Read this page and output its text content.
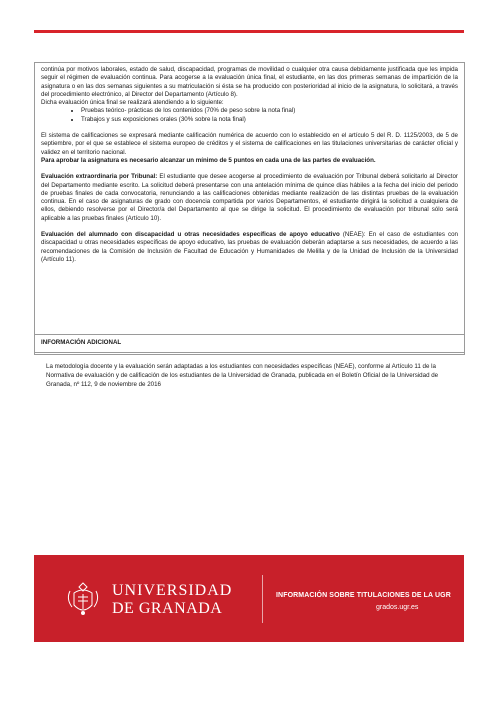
continúa por motivos laborales, estado de salud, discapacidad, programas de movilidad o cualquier otra causa debidamente justificada que les impida seguir el régimen de evaluación continua. Para acogerse a la evaluación única final, el estudiante, en las dos primeras semanas de impartición de la asignatura o en las dos semanas siguientes a su matriculación si ésta se ha producido con posterioridad al inicio de la asignatura, lo solicitará, a través del procedimiento electrónico, al Director del Departamento (Artículo 8).

Dicha evaluación única final se realizará atendiendo a lo siguiente:

• Pruebas teórico- prácticas de los contenidos (70% de peso sobre la nota final)
• Trabajos y sus exposiciones orales (30% sobre la nota final)

El sistema de calificaciones se expresará mediante calificación numérica de acuerdo con lo establecido en el artículo 5 del R. D. 1125/2003, de 5 de septiembre, por el que se establece el sistema europeo de créditos y el sistema de calificaciones en las titulaciones universitarias de carácter oficial y validez en el territorio nacional.

Para aprobar la asignatura es necesario alcanzar un mínimo de 5 puntos en cada una de las partes de evaluación.

Evaluación extraordinaria por Tribunal: El estudiante que desee acogerse al procedimiento de evaluación por Tribunal deberá solicitarlo al Director del Departamento mediante escrito. La solicitud deberá presentarse con una antelación mínima de quince días hábiles a la fecha del inicio del periodo de pruebas finales de cada convocatoria, renunciando a las calificaciones obtenidas mediante realización de las distintas pruebas de la evaluación continua. En el caso de asignaturas de grado con docencia compartida por varios Departamentos, el estudiante dirigirá la solicitud a cualquiera de ellos, debiendo resolverse por el Director/a del Departamento al que se dirige la solicitud. El procedimiento de evaluación por tribunal sólo será aplicable a las pruebas finales (Artículo 10).

Evaluación del alumnado con discapacidad u otras necesidades específicas de apoyo educativo (NEAE): En el caso de estudiantes con discapacidad u otras necesidades específicas de apoyo educativo, las pruebas de evaluación deberán adaptarse a sus necesidades, de acuerdo a las recomendaciones de la Comisión de Inclusión de Facultad de Educación y Humanidades de Melilla y de la Unidad de Inclusión de la Universidad (Artículo 11).

INFORMACIÓN ADICIONAL
La metodología docente y la evaluación serán adaptadas a los estudiantes con necesidades específicas (NEAE), conforme al Artículo 11 de la Normativa de evaluación y de calificación de los estudiantes de la Universidad de Granada, publicada en el Boletín Oficial de la Universidad de Granada, nº 112, 9 de noviembre de 2016
UNIVERSIDAD
DE GRANADA
INFORMACIÓN SOBRE TITULACIONES DE LA UGR
grados.ugr.es
